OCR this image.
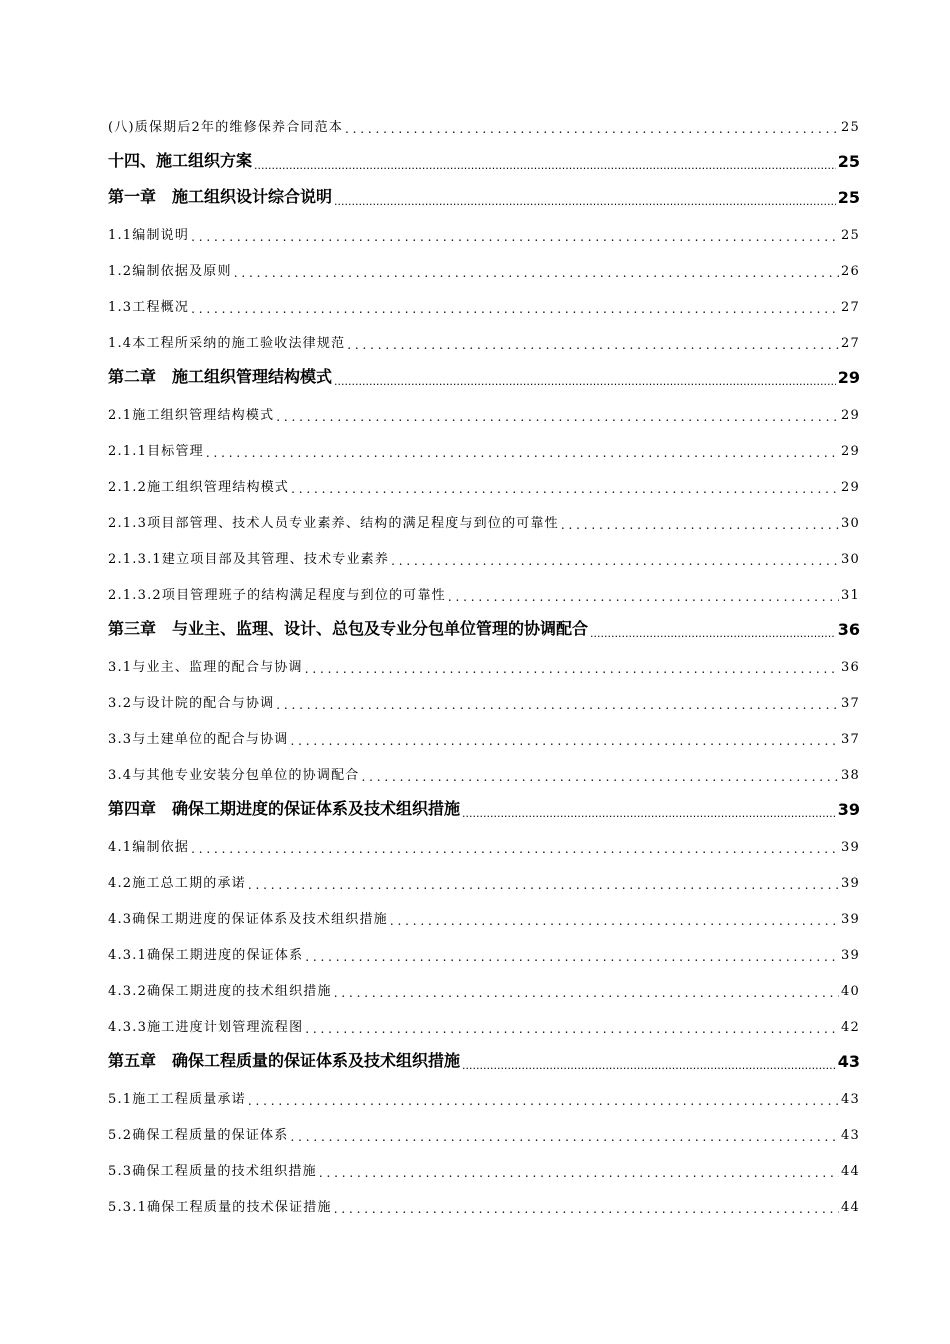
(八)质保期后2年的维修保养合同范本 . . .	25
十四、施工组织方案 .....	25
第一章　施工组织设计综合说明 .....	25
1.1编制说明 . . .	25
1.2编制依据及原则 . . .	26
1.3工程概况 . . .	27
1.4本工程所采纳的施工验收法律规范 . . .	27
第二章　施工组织管理结构模式 .....	29
2.1施工组织管理结构模式 . . .	29
2.1.1目标管理 . . .	29
2.1.2施工组织管理结构模式 . . .	29
2.1.3项目部管理、技术人员专业素养、结构的满足程度与到位的可靠性 . . .	30
2.1.3.1建立项目部及其管理、技术专业素养 . . .	30
2.1.3.2项目管理班子的结构满足程度与到位的可靠性 . . .	31
第三章　与业主、监理、设计、总包及专业分包单位管理的协调配合 .....	36
3.1与业主、监理的配合与协调 . . .	36
3.2与设计院的配合与协调 . . .	37
3.3与土建单位的配合与协调 . . .	37
3.4与其他专业安装分包单位的协调配合 . . .	38
第四章　确保工期进度的保证体系及技术组织措施 .....	39
4.1编制依据 . . .	39
4.2施工总工期的承诺 . . .	39
4.3确保工期进度的保证体系及技术组织措施 . . .	39
4.3.1确保工期进度的保证体系 . . .	39
4.3.2确保工期进度的技术组织措施 . . .	40
4.3.3施工进度计划管理流程图 . . .	42
第五章　确保工程质量的保证体系及技术组织措施 .....	43
5.1施工工程质量承诺 . . .	43
5.2确保工程质量的保证体系 . . .	43
5.3确保工程质量的技术组织措施 . . .	44
5.3.1确保工程质量的技术保证措施 . . .	44
